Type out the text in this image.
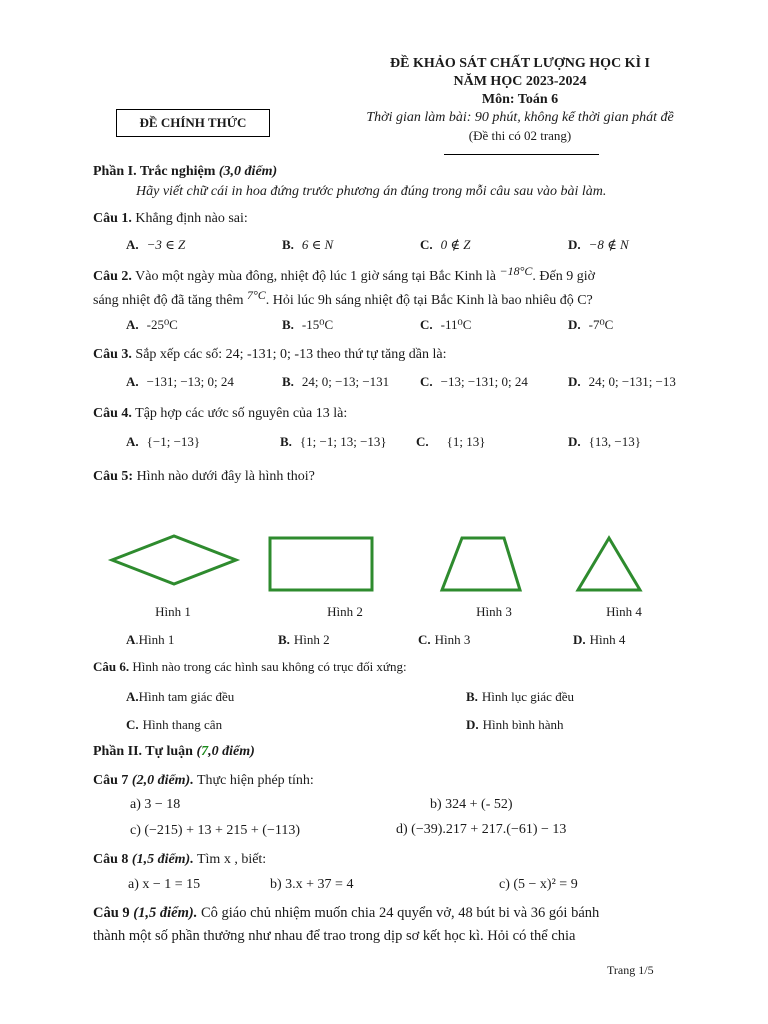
ĐỀ KHẢO SÁT CHẤT LƯỢNG HỌC KÌ I
NĂM HỌC 2023-2024
Môn: Toán 6
Thời gian làm bài: 90 phút, không kể thời gian phát đề
(Đề thi có 02 trang)
ĐỀ CHÍNH THỨC
Phần I. Trắc nghiệm (3,0 điểm)
Hãy viết chữ cái in hoa đứng trước phương án đúng trong mỗi câu sau vào bài làm.
Câu 1. Khẳng định nào sai:
A. −3 ∈ Z	B. 6 ∈ N	C. 0 ∉ Z	D. −8 ∉ N
Câu 2. Vào một ngày mùa đông, nhiệt độ lúc 1 giờ sáng tại Bắc Kinh là −18°C. Đến 9 giờ
sáng nhiệt độ đã tăng thêm 7°C. Hỏi lúc 9h sáng nhiệt độ tại Bắc Kinh là bao nhiêu độ C?
A. -25⁰C	B. -15⁰C	C. -11⁰C	D. -7⁰C
Câu 3. Sắp xếp các số: 24; -131; 0; -13 theo thứ tự tăng dần là:
A. −131; −13; 0; 24	B. 24; 0; −13; −131 C. −13; −131; 0; 24	D. 24; 0; −131; −13
Câu 4. Tập hợp các ước số nguyên của 13 là:
A. {−1; −13}	B. {1; −1; 13; −13} C. {1; 13}	D. {13, −13}
Câu 5: Hình nào dưới đây là hình thoi?
Hình 1	Hình 2	Hình 3	Hình 4
A.Hình 1	B. Hình 2	C. Hình 3	D. Hình 4
Câu 6. Hình nào trong các hình sau không có trục đối xứng:
A.Hình tam giác đều	B. Hình lục giác đều
C. Hình thang cân	D. Hình bình hành
Phần II. Tự luận (7,0 điểm)
Câu 7 (2,0 điểm). Thực hiện phép tính:
a) 3 − 18	b) 324 + (- 52)
c) (−215) + 13 + 215 + (−113)	d) (−39).217 + 217.(−61) − 13
Câu 8 (1,5 điểm). Tìm x , biết:
a) x − 1 = 15	b) 3.x + 37 = 4	c) (5 − x)² = 9
Câu 9 (1,5 điểm). Cô giáo chủ nhiệm muốn chia 24 quyển vở, 48 bút bi và 36 gói bánh
thành một số phần thưởng như nhau để trao trong dịp sơ kết học kì. Hỏi có thể chia
Trang 1/5
